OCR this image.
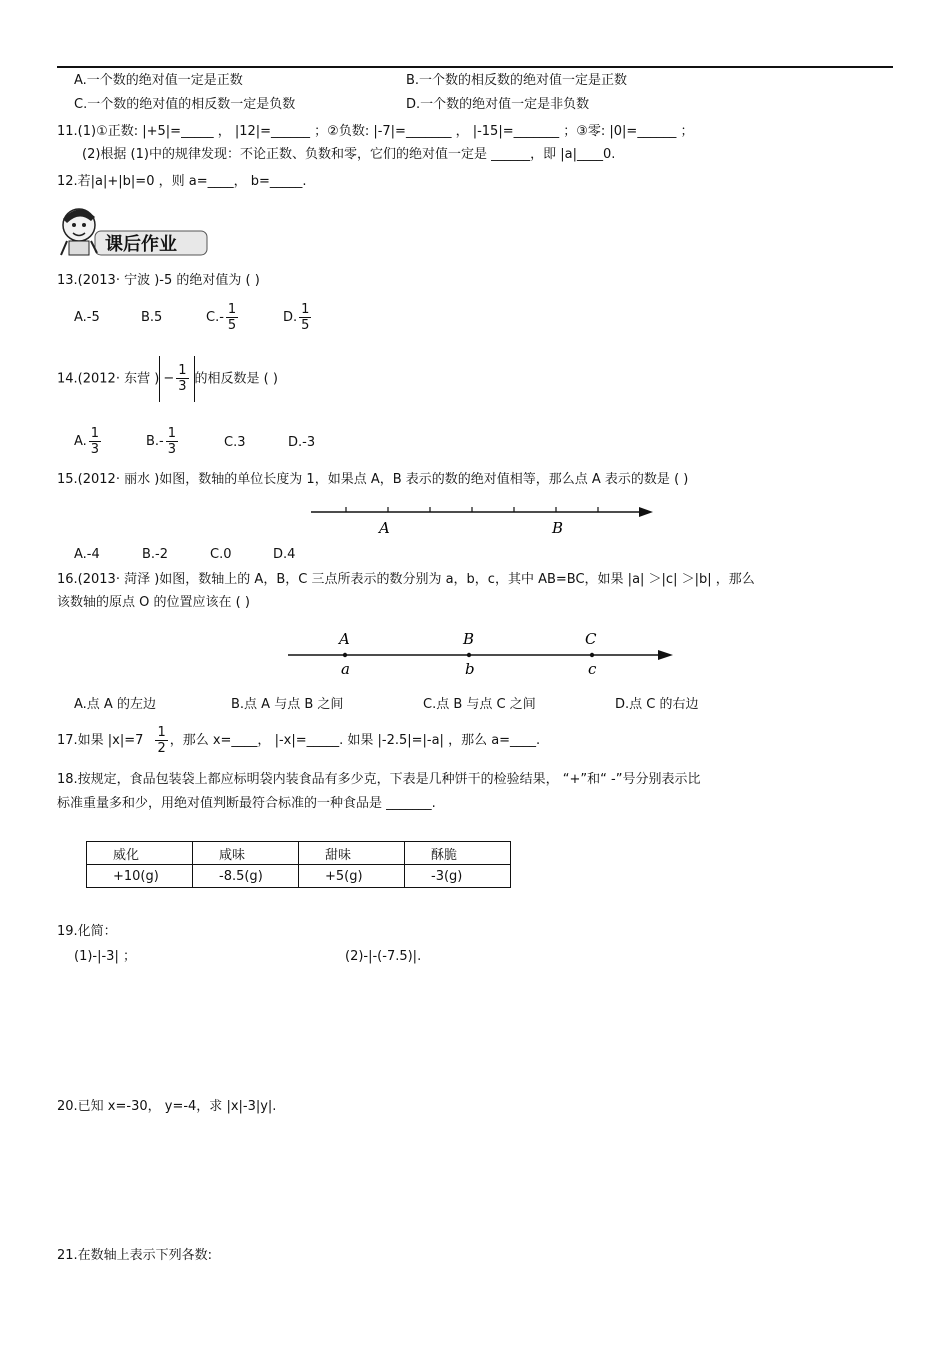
A.一个数的绝对值一定是正数	B.一个数的相反数的绝对值一定是正数
C.一个数的绝对值的相反数一定是负数	D.一个数的绝对值一定是非负数
11.(1)①正数: |+5|=_____ ， |12|=______ ；②负数: |-7|=_______ ， |-15|=_______ ；③零: |0|=______ ；
(2)根据 (1)中的规律发现：不论正数、负数和零，它们的绝对值一定是 ______，即 |a|____0.
12.若|a|+|b|=0 ，则 a=____， b=_____.
课后作业
13.(2013· 宁波 )-5 的绝对值为 ( )
A.-5	B.5	$C.- \frac{1}{5}$	D. $\frac{1}{5}$
14.(2012· 东营 ) − $\frac{1}{3}$ 的相反数是 ( )
A. $\frac{1}{3}$	$B.- \frac{1}{3}$	C.3	D.-3
15.(2012· 丽水 )如图，数轴的单位长度为 1，如果点 A，B 表示的数的绝对值相等，那么点 A 表示的数是 ( )
A	B
A.-4	B.-2	C.0	D.4
16.(2013· 菏泽 )如图，数轴上的 A，B，C 三点所表示的数分别为 a，b，c，其中 AB=BC，如果 |a| ＞|c| ＞|b| ，那么
该数轴的原点 O 的位置应该在 ( )
A	B	C
a	b	c
A.点 A 的左边	B.点 A 与点 B 之间	C.点 B 与点 C 之间	D.点 C 的右边
17.如果 $|x|=7 \frac{1}{2}$ ，那么 x=____， |-x|=_____. 如果 |-2.5|=|-a| ，那么 a=____.
18.按规定，食品包装袋上都应标明袋内装食品有多少克，下表是几种饼干的检验结果， “+”和“ -”号分别表示比
标准重量多和少，用绝对值判断最符合标准的一种食品是 _______.
威化	咸味	甜味	酥脆
+10(g)	-8.5(g)	+5(g)	-3(g)
19.化简：
(1)-|-3| ；	(2)-|-(-7.5)|.
20.已知 x=-30， y=-4，求 |x|-3|y|.
21.在数轴上表示下列各数:
